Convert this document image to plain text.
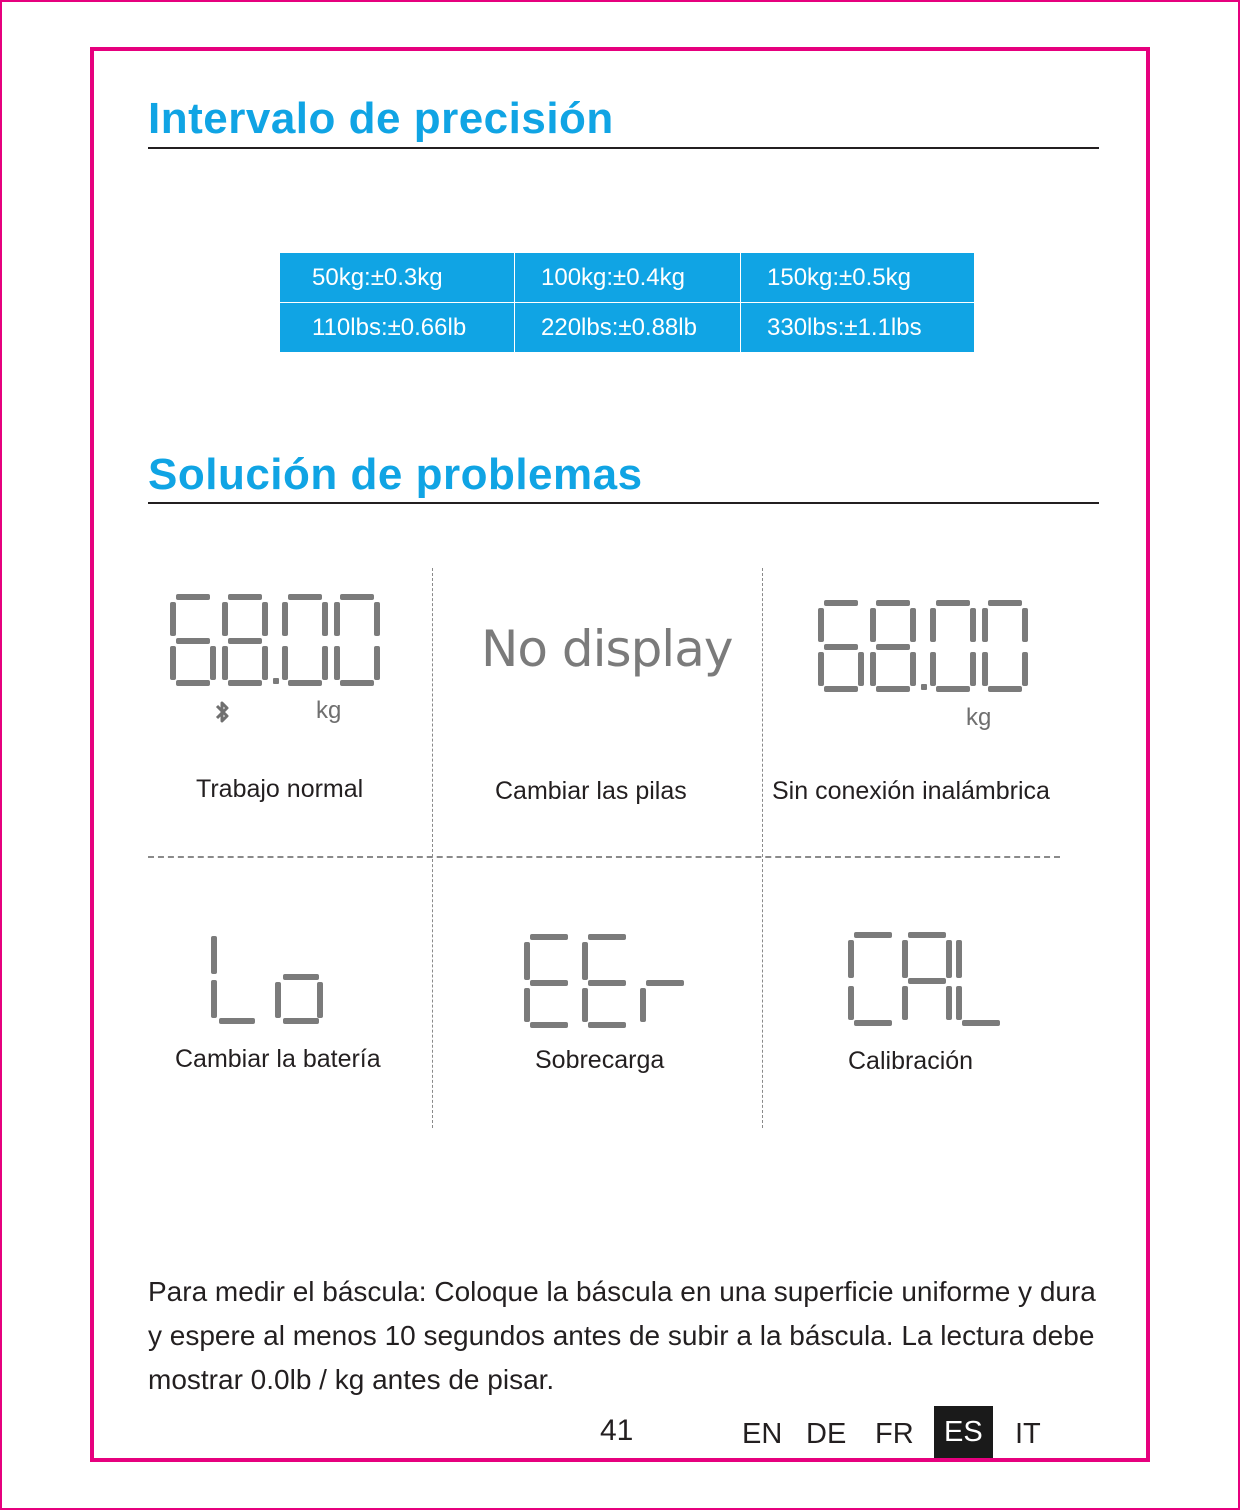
Intervalo de precisión
50kg:±0.3kg	100kg:±0.4kg	150kg:±0.5kg
110lbs:±0.66lb	220lbs:±0.88lb	330lbs:±1.1lbs
Solución de problemas
kg
Trabajo normal
No display
Cambiar las pilas
kg
Sin conexión inalámbrica
Cambiar la batería	Sobrecarga	Calibración
Para medir el báscula: Coloque la báscula en una superficie uniforme y dura y espere al menos 10 segundos antes de subir a la báscula. La lectura debe mostrar 0.0lb / kg antes de pisar.
41	EN DE FR	ES	IT
